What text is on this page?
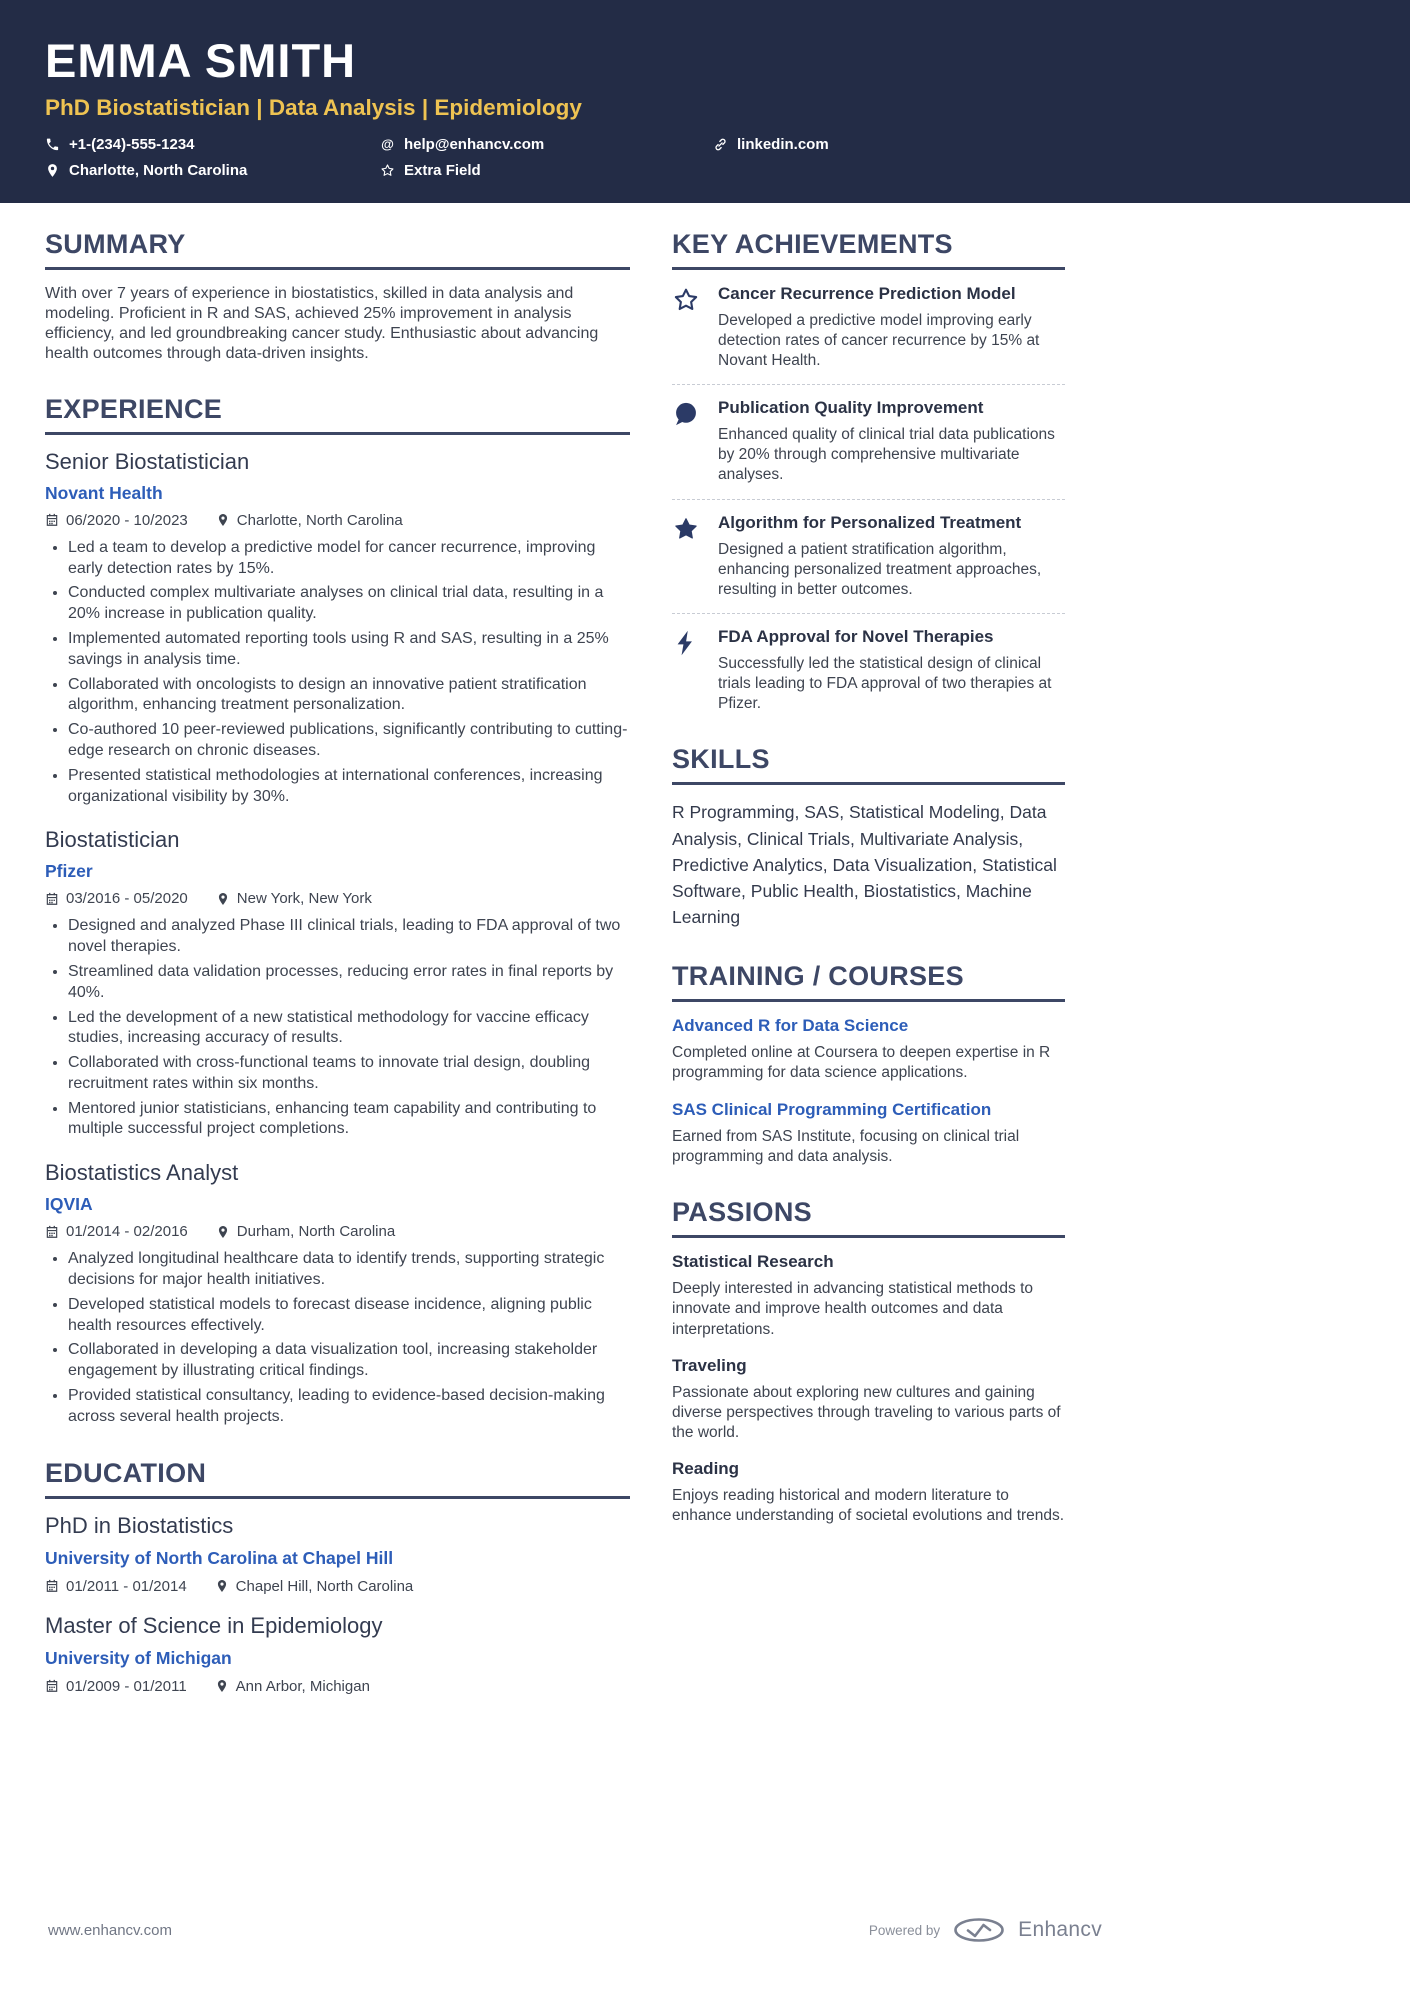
EMMA SMITH
PhD Biostatistician | Data Analysis | Epidemiology
+1-(234)-555-1234	help@enhancv.com	linkedin.com
Charlotte, North Carolina	Extra Field
SUMMARY

With over 7 years of experience in biostatistics, skilled in data analysis and modeling. Proficient in R and SAS, achieved 25% improvement in analysis efficiency, and led groundbreaking cancer study. Enthusiastic about advancing health outcomes through data-driven insights.

EXPERIENCE
Senior Biostatistician
Novant Health
06/2020 - 10/2023	Charlotte, North Carolina
• Led a team to develop a predictive model for cancer recurrence, improving early detection rates by 15%.
• Conducted complex multivariate analyses on clinical trial data, resulting in a 20% increase in publication quality.
• Implemented automated reporting tools using R and SAS, resulting in a 25% savings in analysis time.
• Collaborated with oncologists to design an innovative patient stratification algorithm, enhancing treatment personalization.
• Co-authored 10 peer-reviewed publications, significantly contributing to cutting-edge research on chronic diseases.
• Presented statistical methodologies at international conferences, increasing organizational visibility by 30%.
Biostatistician
Pfizer
03/2016 - 05/2020	New York, New York
• Designed and analyzed Phase III clinical trials, leading to FDA approval of two novel therapies.
• Streamlined data validation processes, reducing error rates in final reports by 40%.
• Led the development of a new statistical methodology for vaccine efficacy studies, increasing accuracy of results.
• Collaborated with cross-functional teams to innovate trial design, doubling recruitment rates within six months.
• Mentored junior statisticians, enhancing team capability and contributing to multiple successful project completions.
Biostatistics Analyst
IQVIA
01/2014 - 02/2016	Durham, North Carolina
• Analyzed longitudinal healthcare data to identify trends, supporting strategic decisions for major health initiatives.
• Developed statistical models to forecast disease incidence, aligning public health resources effectively.
• Collaborated in developing a data visualization tool, increasing stakeholder engagement by illustrating critical findings.
• Provided statistical consultancy, leading to evidence-based decision-making across several health projects.
EDUCATION
PhD in Biostatistics
University of North Carolina at Chapel Hill
01/2011 - 01/2014	Chapel Hill, North Carolina
Master of Science in Epidemiology
University of Michigan
01/2009 - 01/2011	Ann Arbor, Michigan
KEY ACHIEVEMENTS
Cancer Recurrence Prediction Model
Developed a predictive model improving early detection rates of cancer recurrence by 15% at Novant Health.
Publication Quality Improvement
Enhanced quality of clinical trial data publications by 20% through comprehensive multivariate analyses.
Algorithm for Personalized Treatment
Designed a patient stratification algorithm, enhancing personalized treatment approaches, resulting in better outcomes.
FDA Approval for Novel Therapies
Successfully led the statistical design of clinical trials leading to FDA approval of two therapies at Pfizer.
SKILLS

R Programming, SAS, Statistical Modeling, Data Analysis, Clinical Trials, Multivariate Analysis, Predictive Analytics, Data Visualization, Statistical Software, Public Health, Biostatistics, Machine Learning

TRAINING / COURSES
Advanced R for Data Science
Completed online at Coursera to deepen expertise in R programming for data science applications.
SAS Clinical Programming Certification
Earned from SAS Institute, focusing on clinical trial programming and data analysis.
PASSIONS
Statistical Research
Deeply interested in advancing statistical methods to innovate and improve health outcomes and data interpretations.
Traveling
Passionate about exploring new cultures and gaining diverse perspectives through traveling to various parts of the world.
Reading
Enjoys reading historical and modern literature to enhance understanding of societal evolutions and trends.
www.enhancv.com	Powered by	Enhancv
